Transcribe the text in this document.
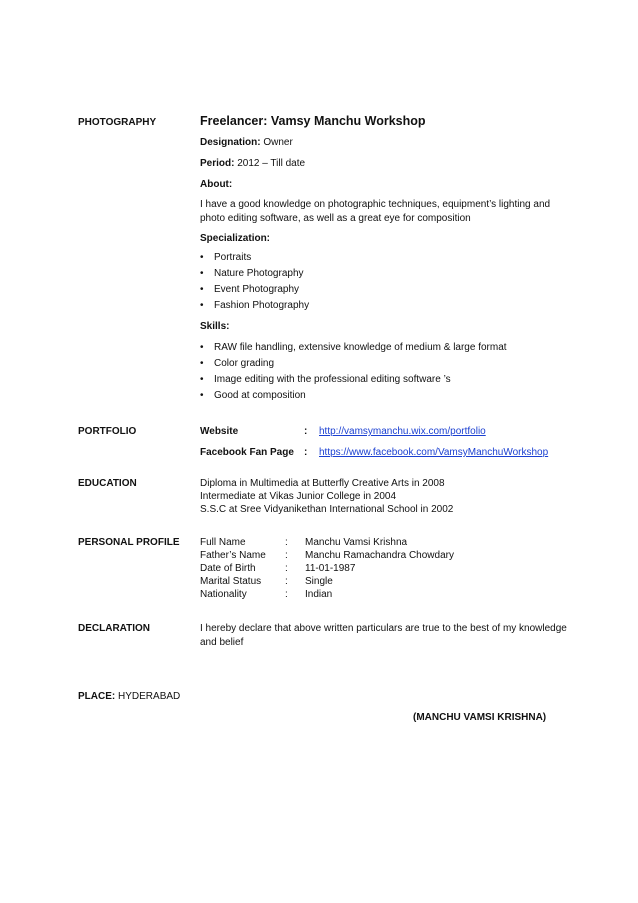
PHOTOGRAPHY	Freelancer: Vamsy Manchu Workshop
Designation: Owner
Period: 2012 – Till date
About:
I have a good knowledge on photographic techniques, equipment’s lighting and
photo editing software, as well as a great eye for composition
Specialization:
• Portraits
• Nature Photography
• Event Photography
• Fashion Photography
Skills:
• RAW file handling, extensive knowledge of medium & large format
• Color grading
• Image editing with the professional editing software ’s
• Good at composition
PORTFOLIO	Website	: http://vamsymanchu.wix.com/portfolio
Facebook Fan Page : https://www.facebook.com/VamsyManchuWorkshop
EDUCATION	Diploma in Multimedia at Butterfly Creative Arts in 2008
Intermediate at Vikas Junior College in 2004
S.S.C at Sree Vidyanikethan International School in 2002
PERSONAL PROFILE Full Name	: Manchu Vamsi Krishna
Father’s Name : Manchu Ramachandra Chowdary
Date of Birth	: 11-01-1987
Marital Status : Single
Nationality	: Indian
DECLARATION	I hereby declare that above written particulars are true to the best of my knowledge
and belief
PLACE: HYDERABAD
(MANCHU VAMSI KRISHNA)
